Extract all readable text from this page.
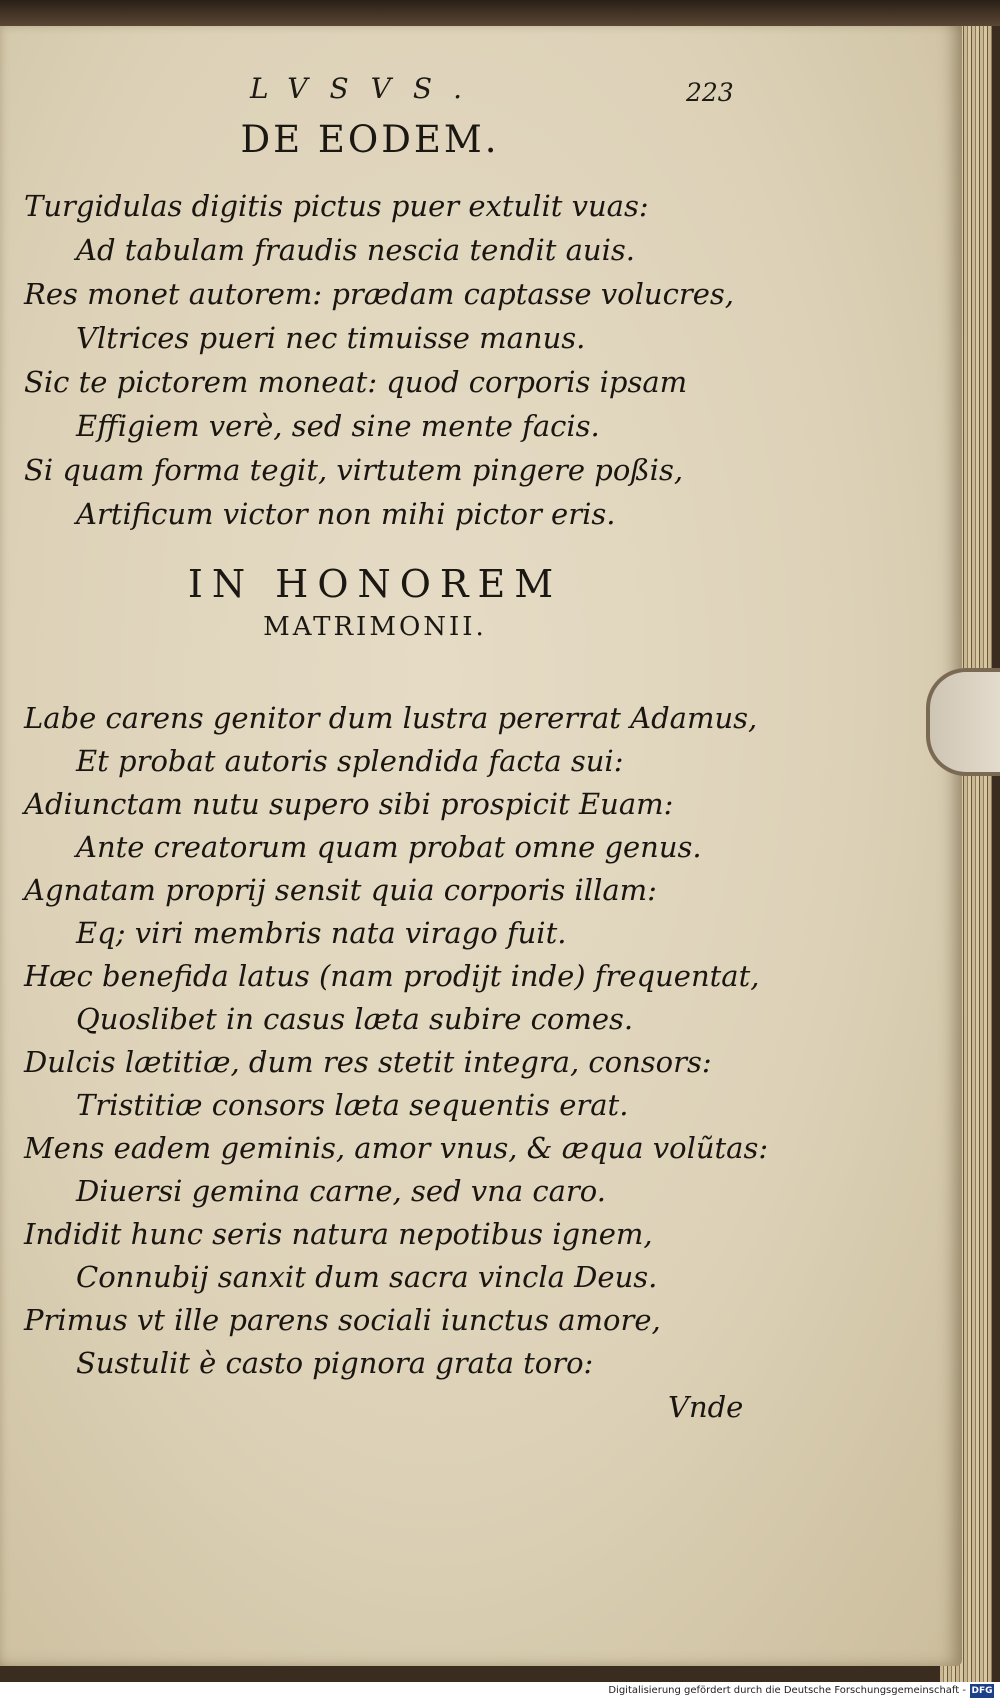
LVSVS.	223
DE EODEM.
Turgidulas digitis pictus puer extulit vuas:
Ad tabulam fraudis nescia tendit auis.
Res monet autorem: prædam captasse volucres,
Vltrices pueri nec timuisse manus.
Sic te pictorem moneat: quod corporis ipsam
Effigiem verè, sed sine mente facis.
Si quam forma tegit, virtutem pingere poßis,
Artificum victor non mihi pictor eris.
IN HONOREM
MATRIMONII.
Labe carens genitor dum lustra pererrat Adamus,
Et probat autoris splendida facta sui:
Adiunctam nutu supero sibi prospicit Euam:
Ante creatorum quam probat omne genus.
Agnatam proprij sensit quia corporis illam:
Eq; viri membris nata virago fuit.
Hæc benefida latus (nam prodijt inde) frequentat,
Quoslibet in casus læta subire comes.
Dulcis lætitiæ, dum res stetit integra, consors:
Tristitiæ consors læta sequentis erat.
Mens eadem geminis, amor vnus, & æqua volũtas:
Diuersi gemina carne, sed vna caro.
Indidit hunc seris natura nepotibus ignem,
Connubij sanxit dum sacra vincla Deus.
Primus vt ille parens sociali iunctus amore,
Sustulit è casto pignora grata toro:
Vnde
Digitalisierung gefördert durch die Deutsche Forschungsgemeinschaft - DFG
